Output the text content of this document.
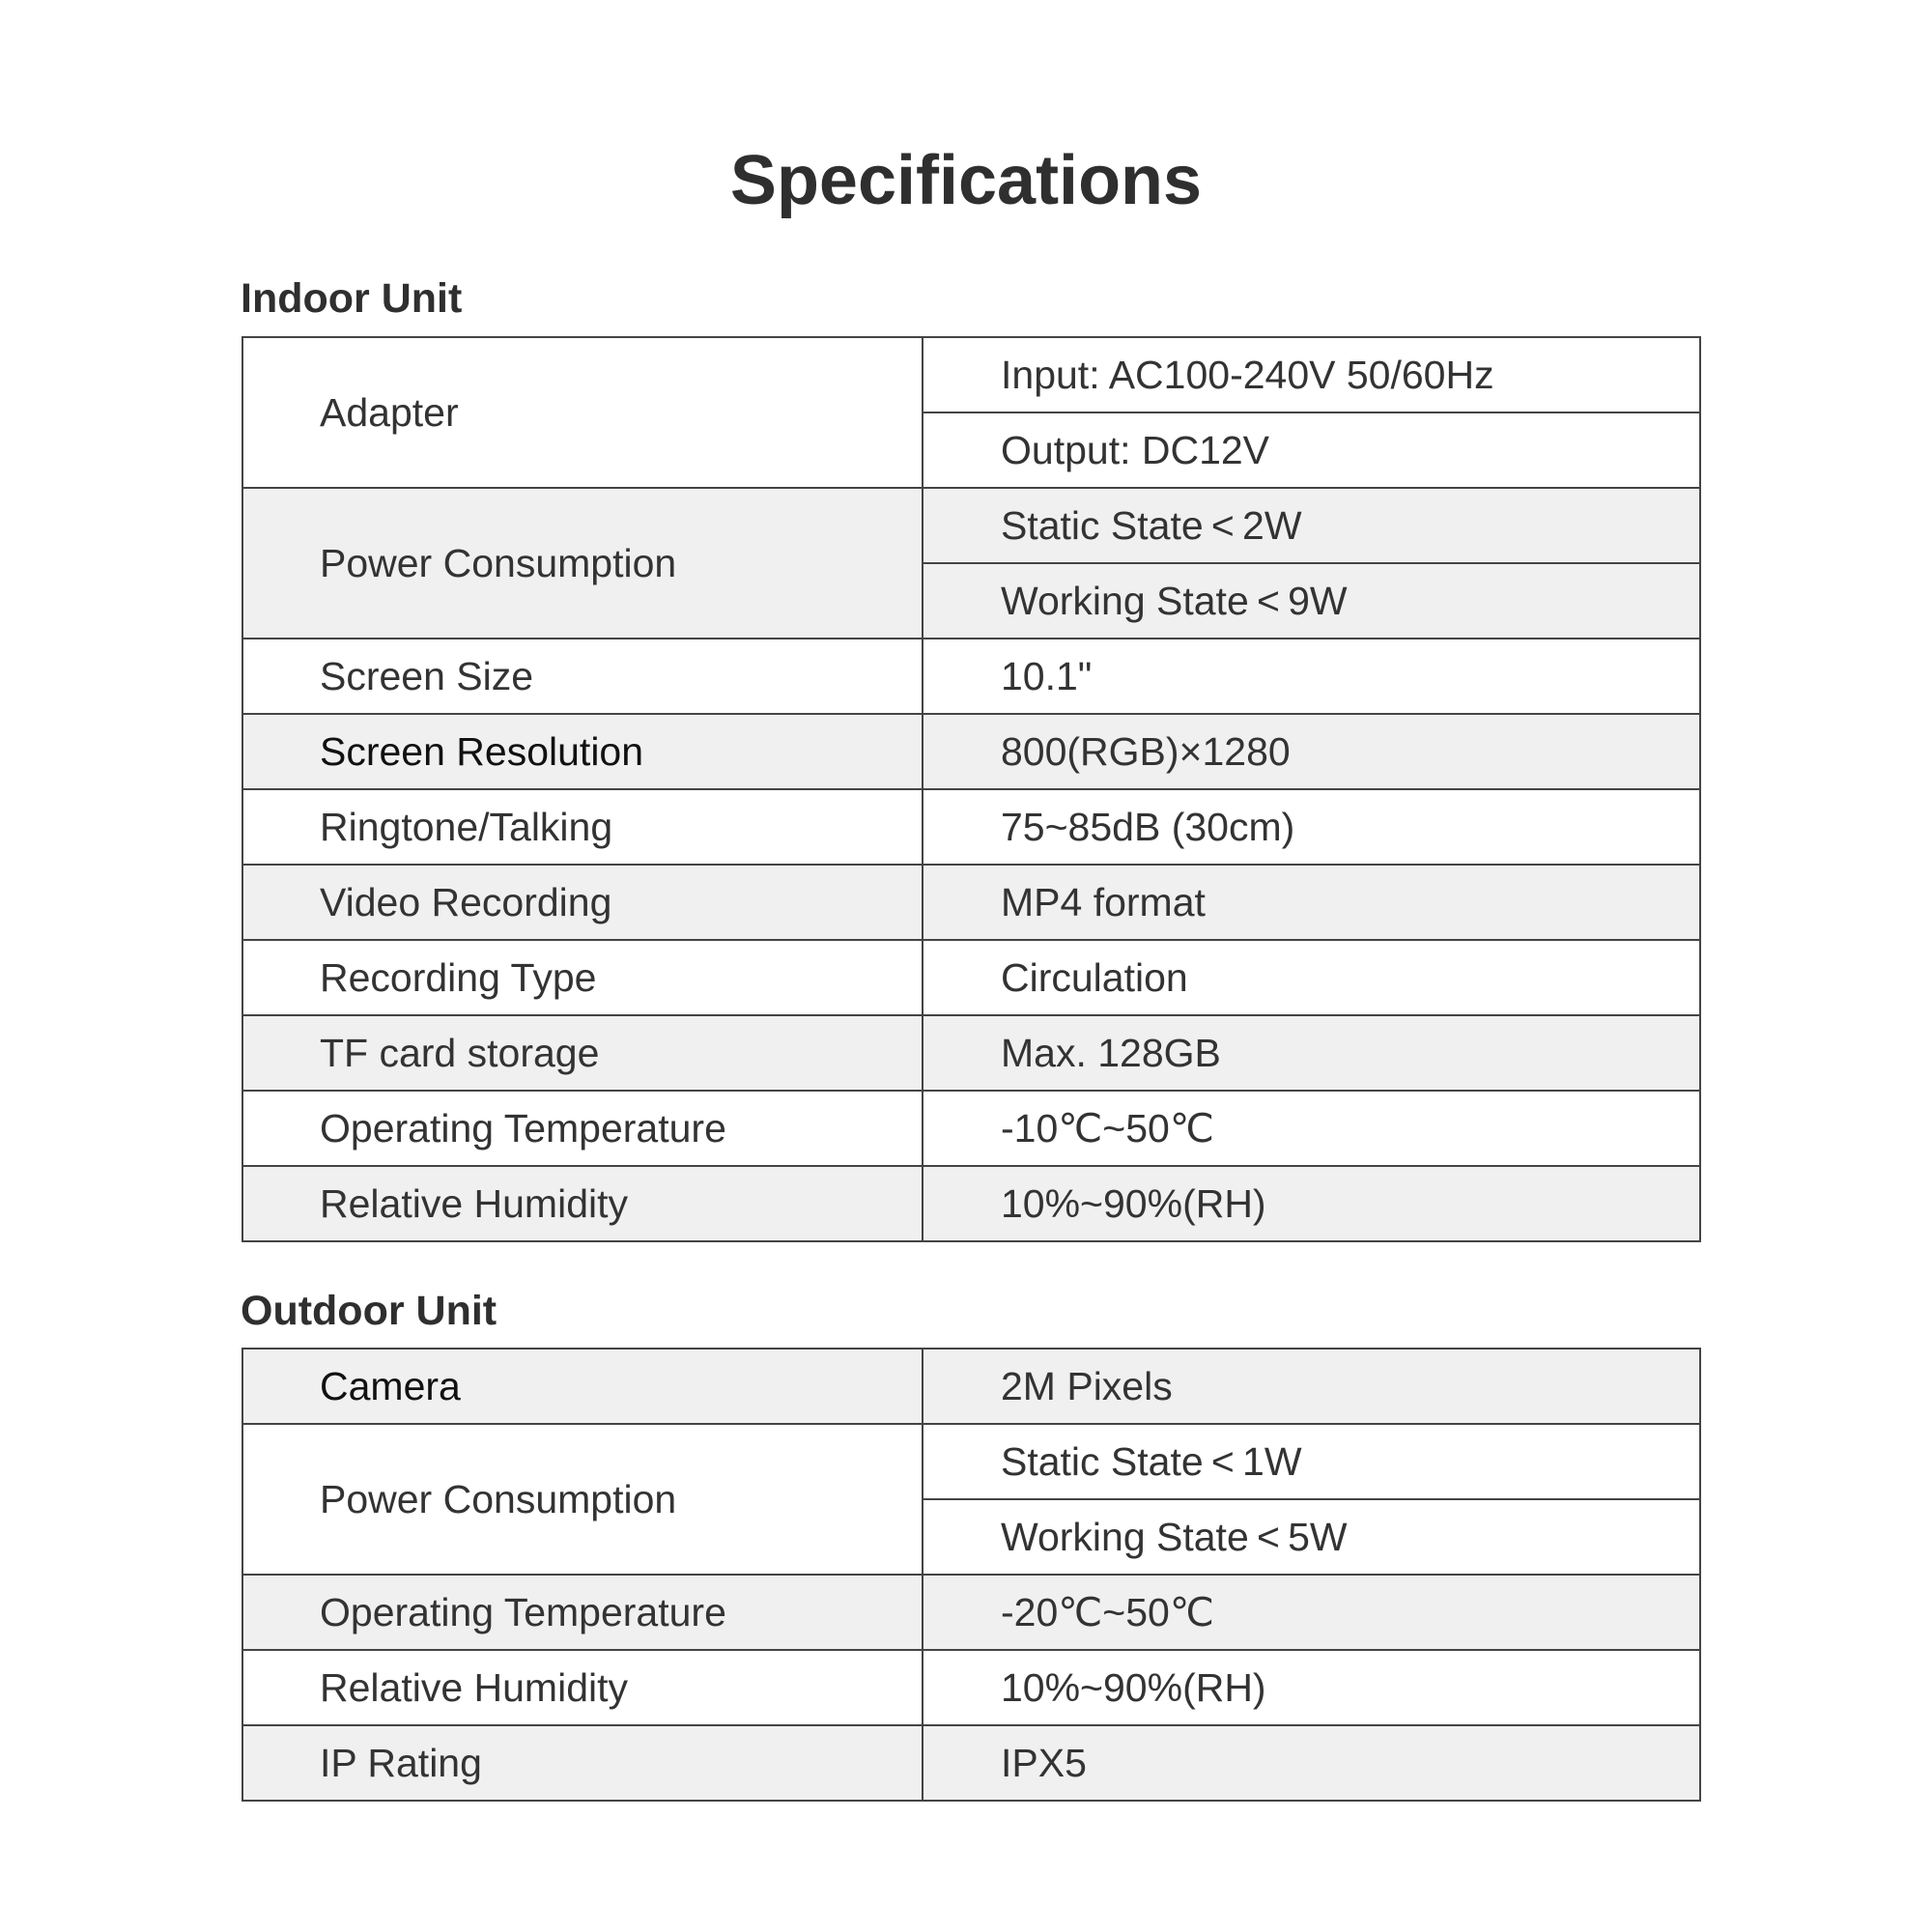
Specifications
Indoor Unit
Adapter	Input: AC100-240V 50/60Hz
	Output: DC12V
Power Consumption	Static State < 2W
	Working State < 9W
Screen Size	10.1"
Screen Resolution	800(RGB)×1280
Ringtone/Talking	75~85dB (30cm)
Video Recording	MP4 format
Recording Type	Circulation
TF card storage	Max. 128GB
Operating Temperature	-10℃~50℃
Relative Humidity	10%~90%(RH)
Outdoor Unit
Camera	2M Pixels
Power Consumption	Static State < 1W
	Working State < 5W
Operating Temperature	-20℃~50℃
Relative Humidity	10%~90%(RH)
IP Rating	IPX5
